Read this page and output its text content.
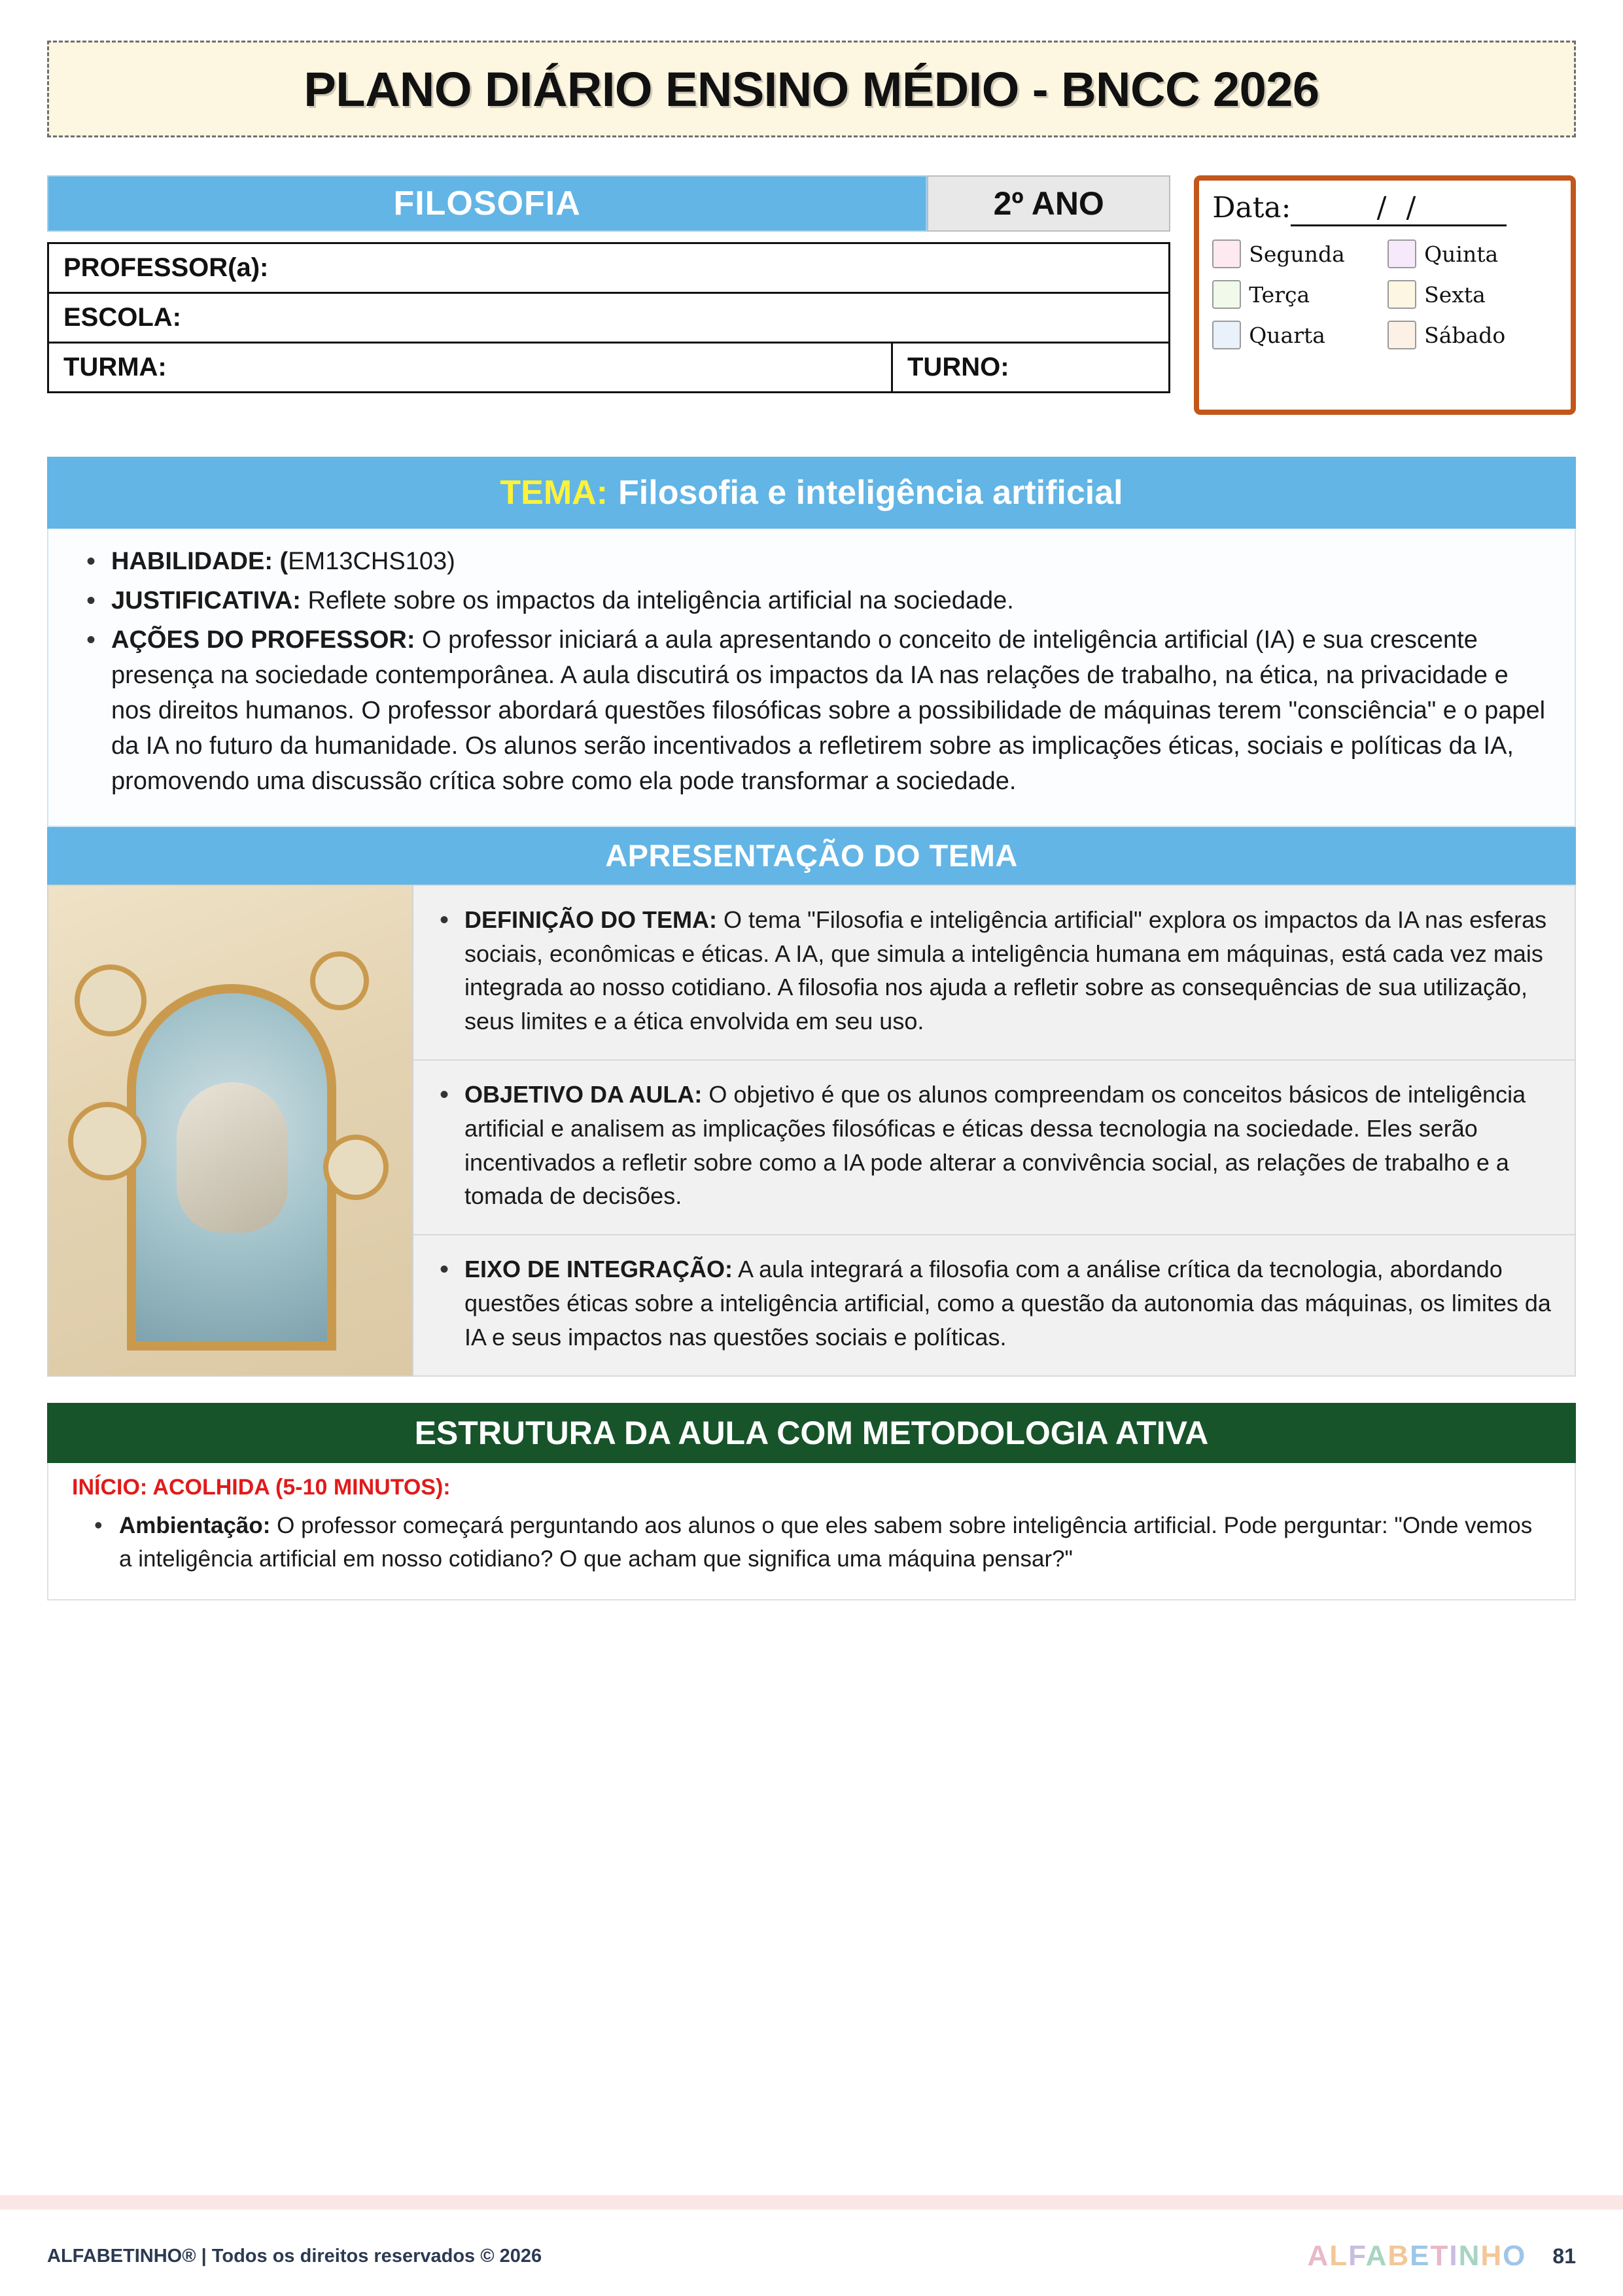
PLANO DIÁRIO ENSINO MÉDIO - BNCC 2026
FILOSOFIA	2º ANO
PROFESSOR(a):
ESCOLA:
TURMA:	TURNO:
Data:	/ /
Segunda	Quinta
Terça	Sexta
Quarta	Sábado
TEMA: Filosofia e inteligência artificial
• HABILIDADE: (EM13CHS103)
• JUSTIFICATIVA: Reflete sobre os impactos da inteligência artificial na sociedade.
• AÇÕES DO PROFESSOR: O professor iniciará a aula apresentando o conceito de inteligência artificial (IA) e sua crescente presença na sociedade contemporânea. A aula discutirá os impactos da IA nas relações de trabalho, na ética, na privacidade e nos direitos humanos. O professor abordará questões filosóficas sobre a possibilidade de máquinas terem "consciência" e o papel da IA no futuro da humanidade. Os alunos serão incentivados a refletirem sobre as implicações éticas, sociais e políticas da IA, promovendo uma discussão crítica sobre como ela pode transformar a sociedade.
APRESENTAÇÃO DO TEMA
• DEFINIÇÃO DO TEMA: O tema "Filosofia e inteligência artificial" explora os impactos da IA nas esferas sociais, econômicas e éticas. A IA, que simula a inteligência humana em máquinas, está cada vez mais integrada ao nosso cotidiano. A filosofia nos ajuda a refletir sobre as consequências de sua utilização, seus limites e a ética envolvida em seu uso.
• OBJETIVO DA AULA: O objetivo é que os alunos compreendam os conceitos básicos de inteligência artificial e analisem as implicações filosóficas e éticas dessa tecnologia na sociedade. Eles serão incentivados a refletir sobre como a IA pode alterar a convivência social, as relações de trabalho e a tomada de decisões.
• EIXO DE INTEGRAÇÃO: A aula integrará a filosofia com a análise crítica da tecnologia, abordando questões éticas sobre a inteligência artificial, como a questão da autonomia das máquinas, os limites da IA e seus impactos nas questões sociais e políticas.
ESTRUTURA DA AULA COM METODOLOGIA ATIVA
INÍCIO: ACOLHIDA (5-10 MINUTOS):
• Ambientação: O professor começará perguntando aos alunos o que eles sabem sobre inteligência artificial. Pode perguntar: "Onde vemos a inteligência artificial em nosso cotidiano? O que acham que significa uma máquina pensar?"
ALFABETINHO® | Todos os direitos reservados © 2026	ALFABETINHO 81
